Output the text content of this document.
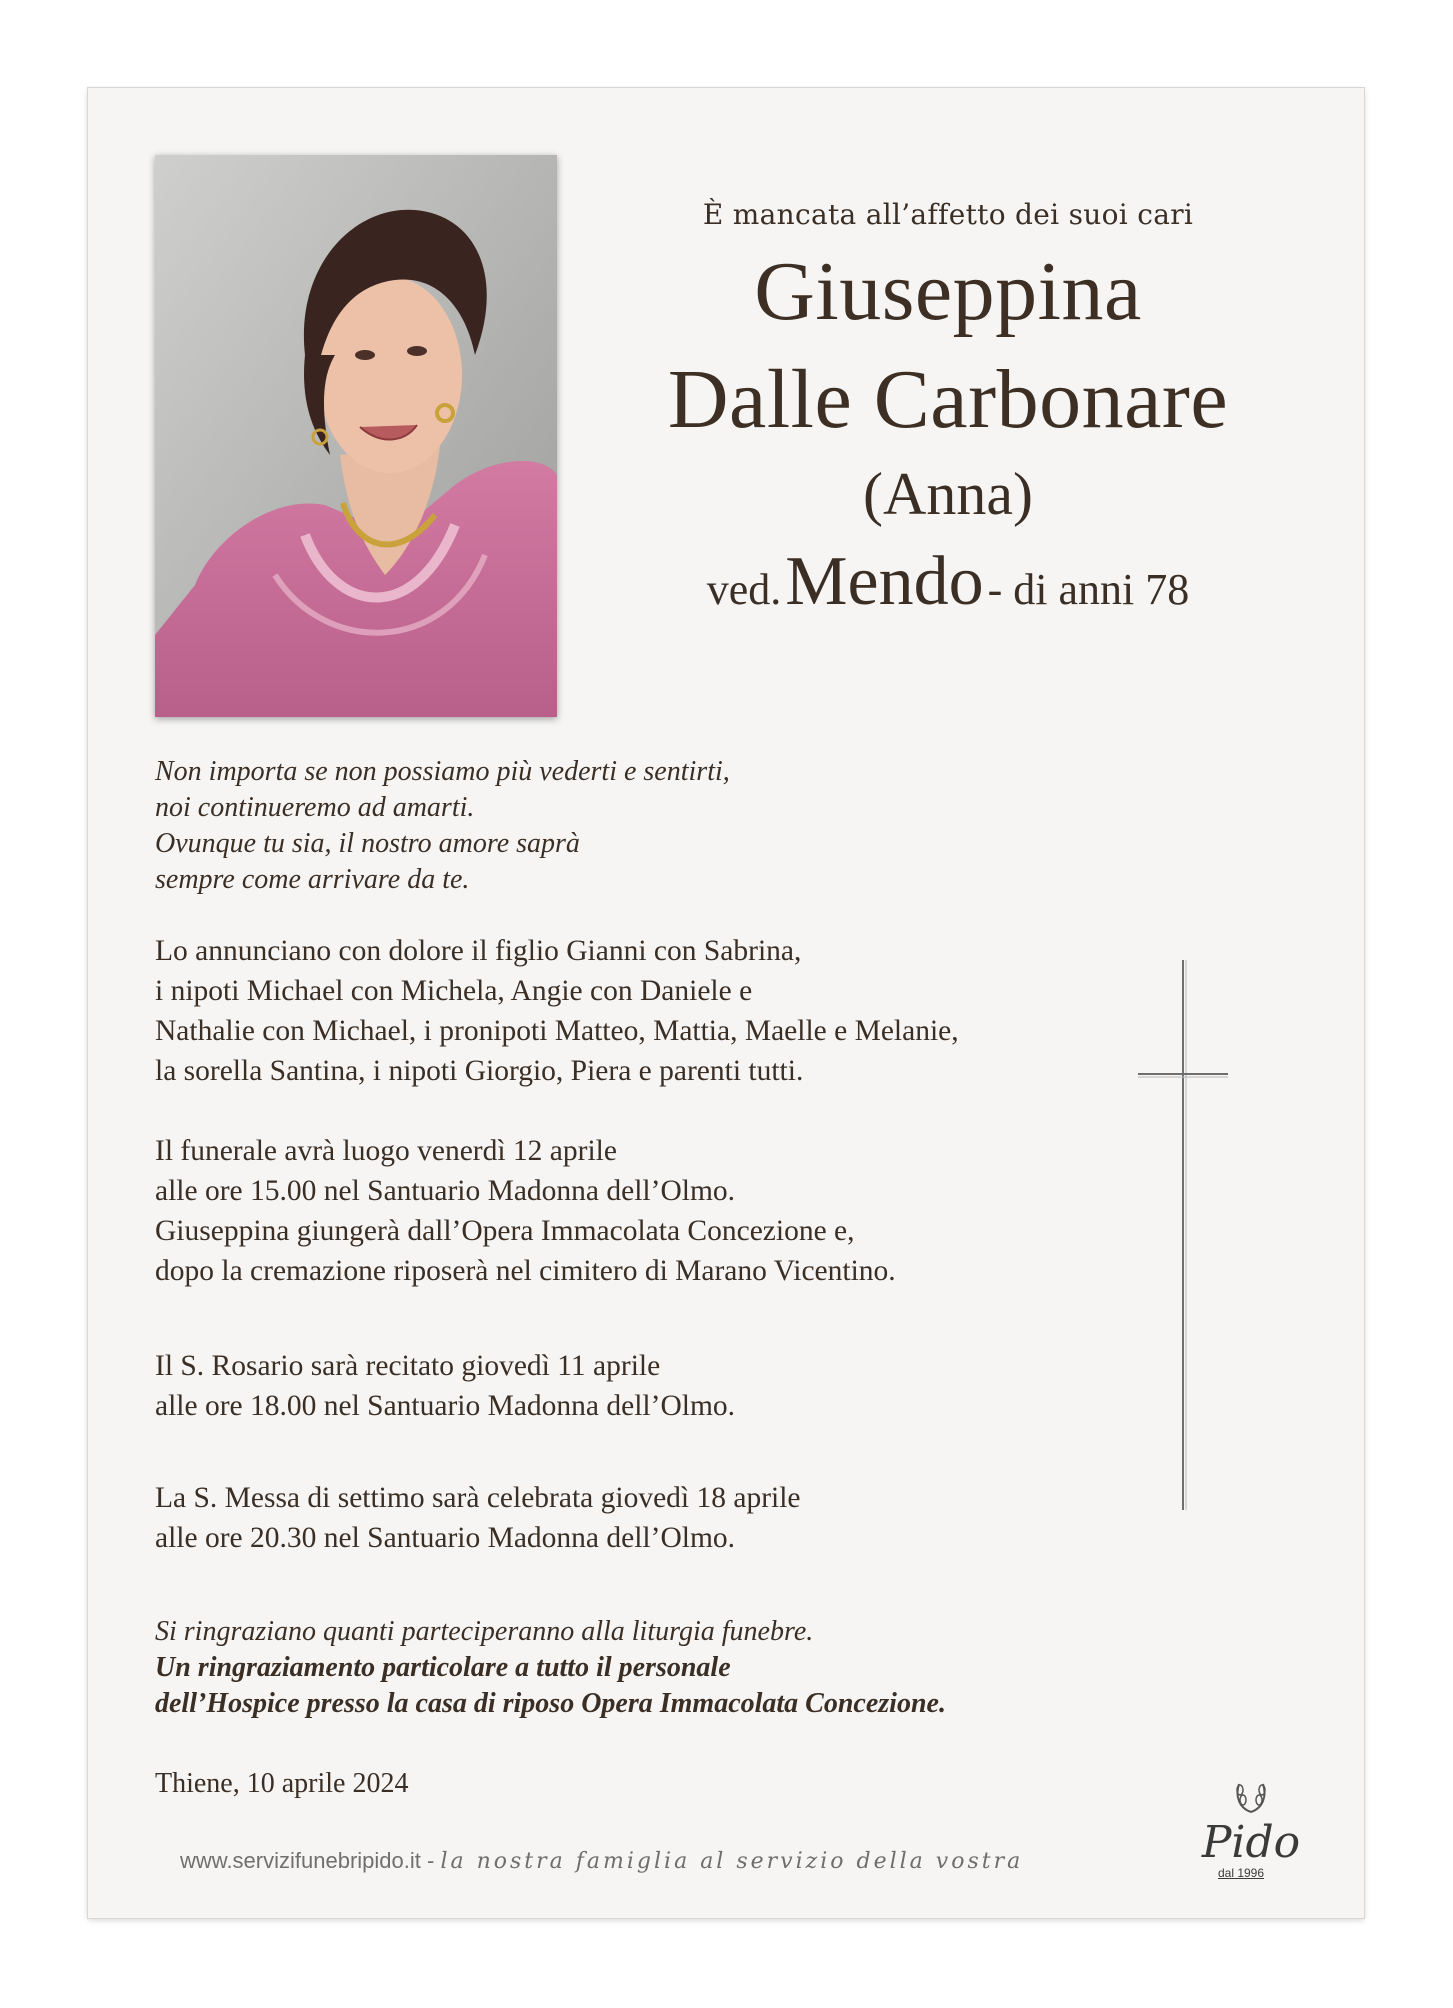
È mancata all’affetto dei suoi cari
Giuseppina
Dalle Carbonare
(Anna)
ved. Mendo - di anni 78
Non importa se non possiamo più vederti e sentirti,
noi continueremo ad amarti.
Ovunque tu sia, il nostro amore saprà
sempre come arrivare da te.
Lo annunciano con dolore il figlio Gianni con Sabrina,
i nipoti Michael con Michela, Angie con Daniele e
Nathalie con Michael, i pronipoti Matteo, Mattia, Maelle e Melanie,
la sorella Santina, i nipoti Giorgio, Piera e parenti tutti.
Il funerale avrà luogo venerdì 12 aprile
alle ore 15.00 nel Santuario Madonna dell’Olmo.
Giuseppina giungerà dall’Opera Immacolata Concezione e,
dopo la cremazione riposerà nel cimitero di Marano Vicentino.
Il S. Rosario sarà recitato giovedì 11 aprile
alle ore 18.00 nel Santuario Madonna dell’Olmo.
La S. Messa di settimo sarà celebrata giovedì 18 aprile
alle ore 20.30 nel Santuario Madonna dell’Olmo.
Si ringraziano quanti parteciperanno alla liturgia funebre.
Un ringraziamento particolare a tutto il personale
dell’Hospice presso la casa di riposo Opera Immacolata Concezione.
Thiene, 10 aprile 2024
www.servizifunebripido.it - la nostra famiglia al servizio della vostra	Pido
dal 1996
